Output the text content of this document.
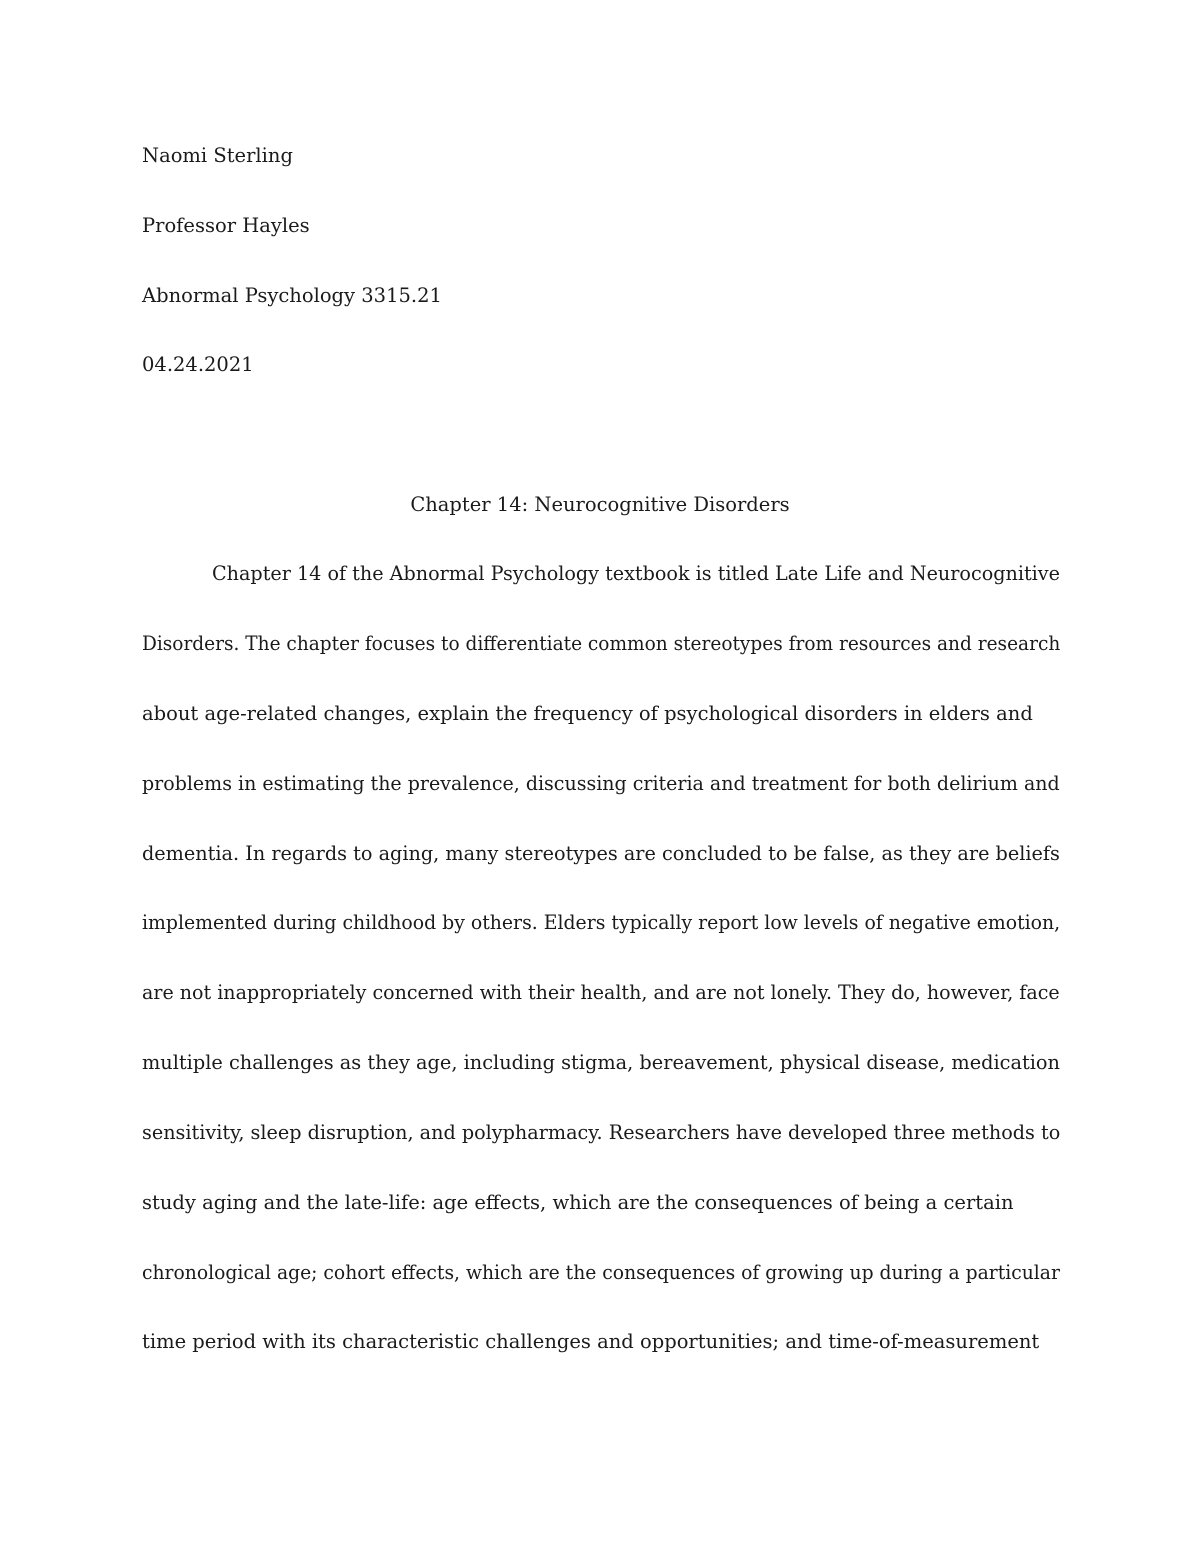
Naomi Sterling
Professor Hayles
Abnormal Psychology 3315.21
04.24.2021
Chapter 14: Neurocognitive Disorders
Chapter 14 of the Abnormal Psychology textbook is titled Late Life and Neurocognitive
Disorders. The chapter focuses to differentiate common stereotypes from resources and research
about age-related changes, explain the frequency of psychological disorders in elders and
problems in estimating the prevalence, discussing criteria and treatment for both delirium and
dementia. In regards to aging, many stereotypes are concluded to be false, as they are beliefs
implemented during childhood by others. Elders typically report low levels of negative emotion,
are not inappropriately concerned with their health, and are not lonely. They do, however, face
multiple challenges as they age, including stigma, bereavement, physical disease, medication
sensitivity, sleep disruption, and polypharmacy. Researchers have developed three methods to
study aging and the late-life: age effects, which are the consequences of being a certain
chronological age; cohort effects, which are the consequences of growing up during a particular
time period with its characteristic challenges and opportunities; and time-of-measurement
